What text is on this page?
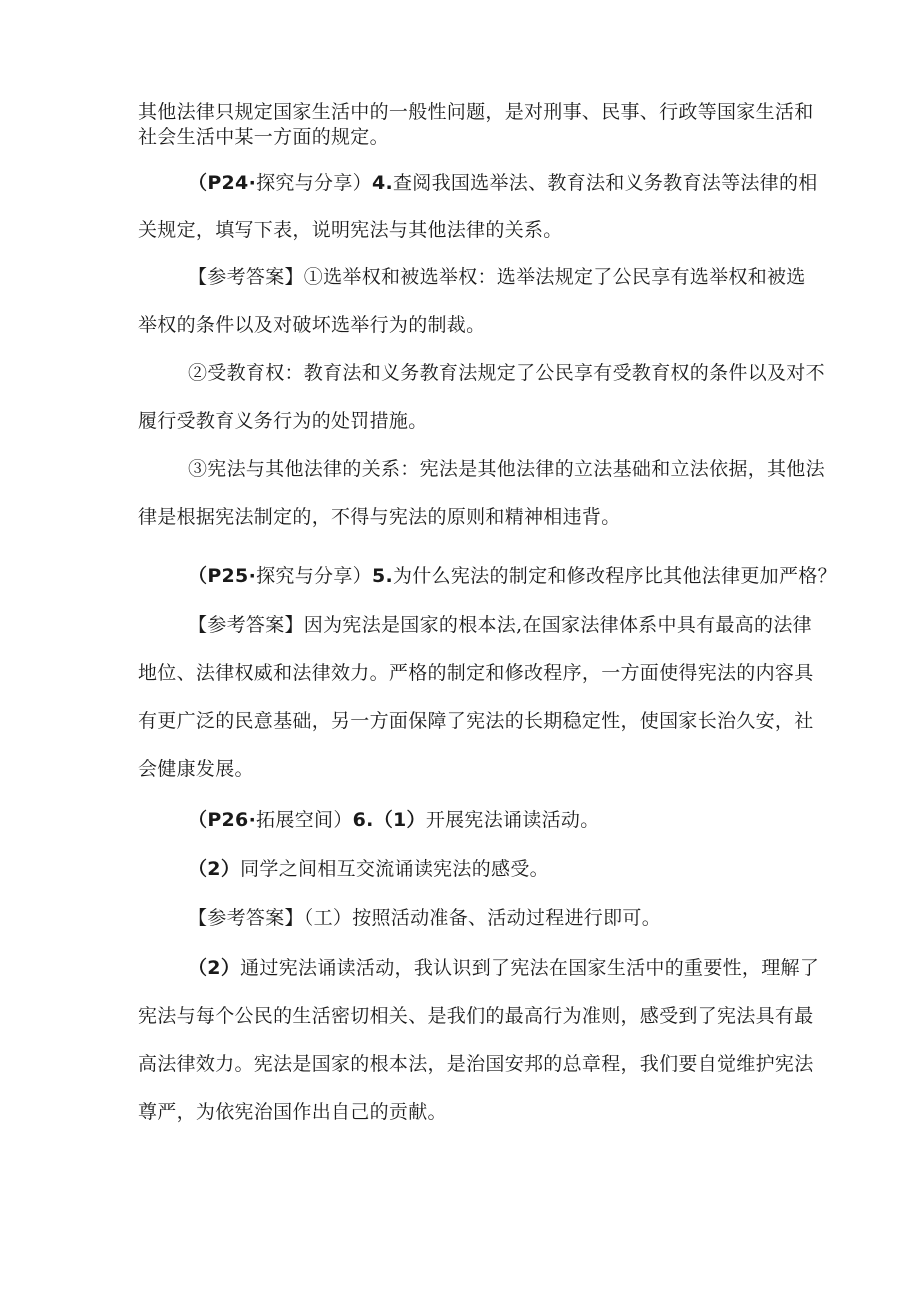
其他法律只规定国家生活中的一般性问题，是对刑事、民事、行政等国家生活和
社会生活中某一方面的规定。
（P24·探究与分享）4.查阅我国选举法、教育法和义务教育法等法律的相
关规定，填写下表，说明宪法与其他法律的关系。
【参考答案】①选举权和被选举权：选举法规定了公民享有选举权和被选
举权的条件以及对破坏选举行为的制裁。
②受教育权：教育法和义务教育法规定了公民享有受教育权的条件以及对不
履行受教育义务行为的处罚措施。
③宪法与其他法律的关系：宪法是其他法律的立法基础和立法依据，其他法
律是根据宪法制定的，不得与宪法的原则和精神相违背。
（P25·探究与分享）5.为什么宪法的制定和修改程序比其他法律更加严格？
【参考答案】因为宪法是国家的根本法,在国家法律体系中具有最高的法律
地位、法律权威和法律效力。严格的制定和修改程序，一方面使得宪法的内容具
有更广泛的民意基础，另一方面保障了宪法的长期稳定性，使国家长治久安，社
会健康发展。
（P26·拓展空间）6.（1）开展宪法诵读活动。
（2）同学之间相互交流诵读宪法的感受。
【参考答案】（工）按照活动准备、活动过程进行即可。
（2）通过宪法诵读活动，我认识到了宪法在国家生活中的重要性，理解了
宪法与每个公民的生活密切相关、是我们的最高行为准则，感受到了宪法具有最
高法律效力。宪法是国家的根本法，是治国安邦的总章程，我们要自觉维护宪法
尊严，为依宪治国作出自己的贡献。
